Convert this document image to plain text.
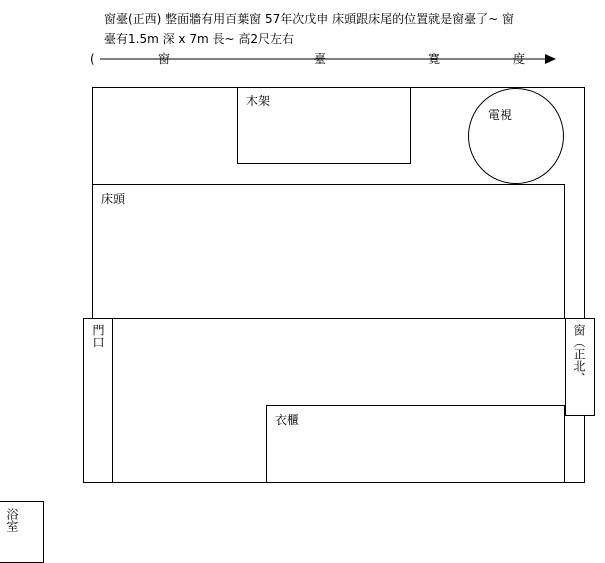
窗臺(正西) 整面牆有用百葉窗 57年次戊申 床頭跟床尾的位置就是窗臺了~ 窗
臺有1.5m 深 x 7m 長~ 高2尺左右
(	窗	臺	寬	度
木架
電視
床頭
門口	窗（正北、
衣櫃
浴室
